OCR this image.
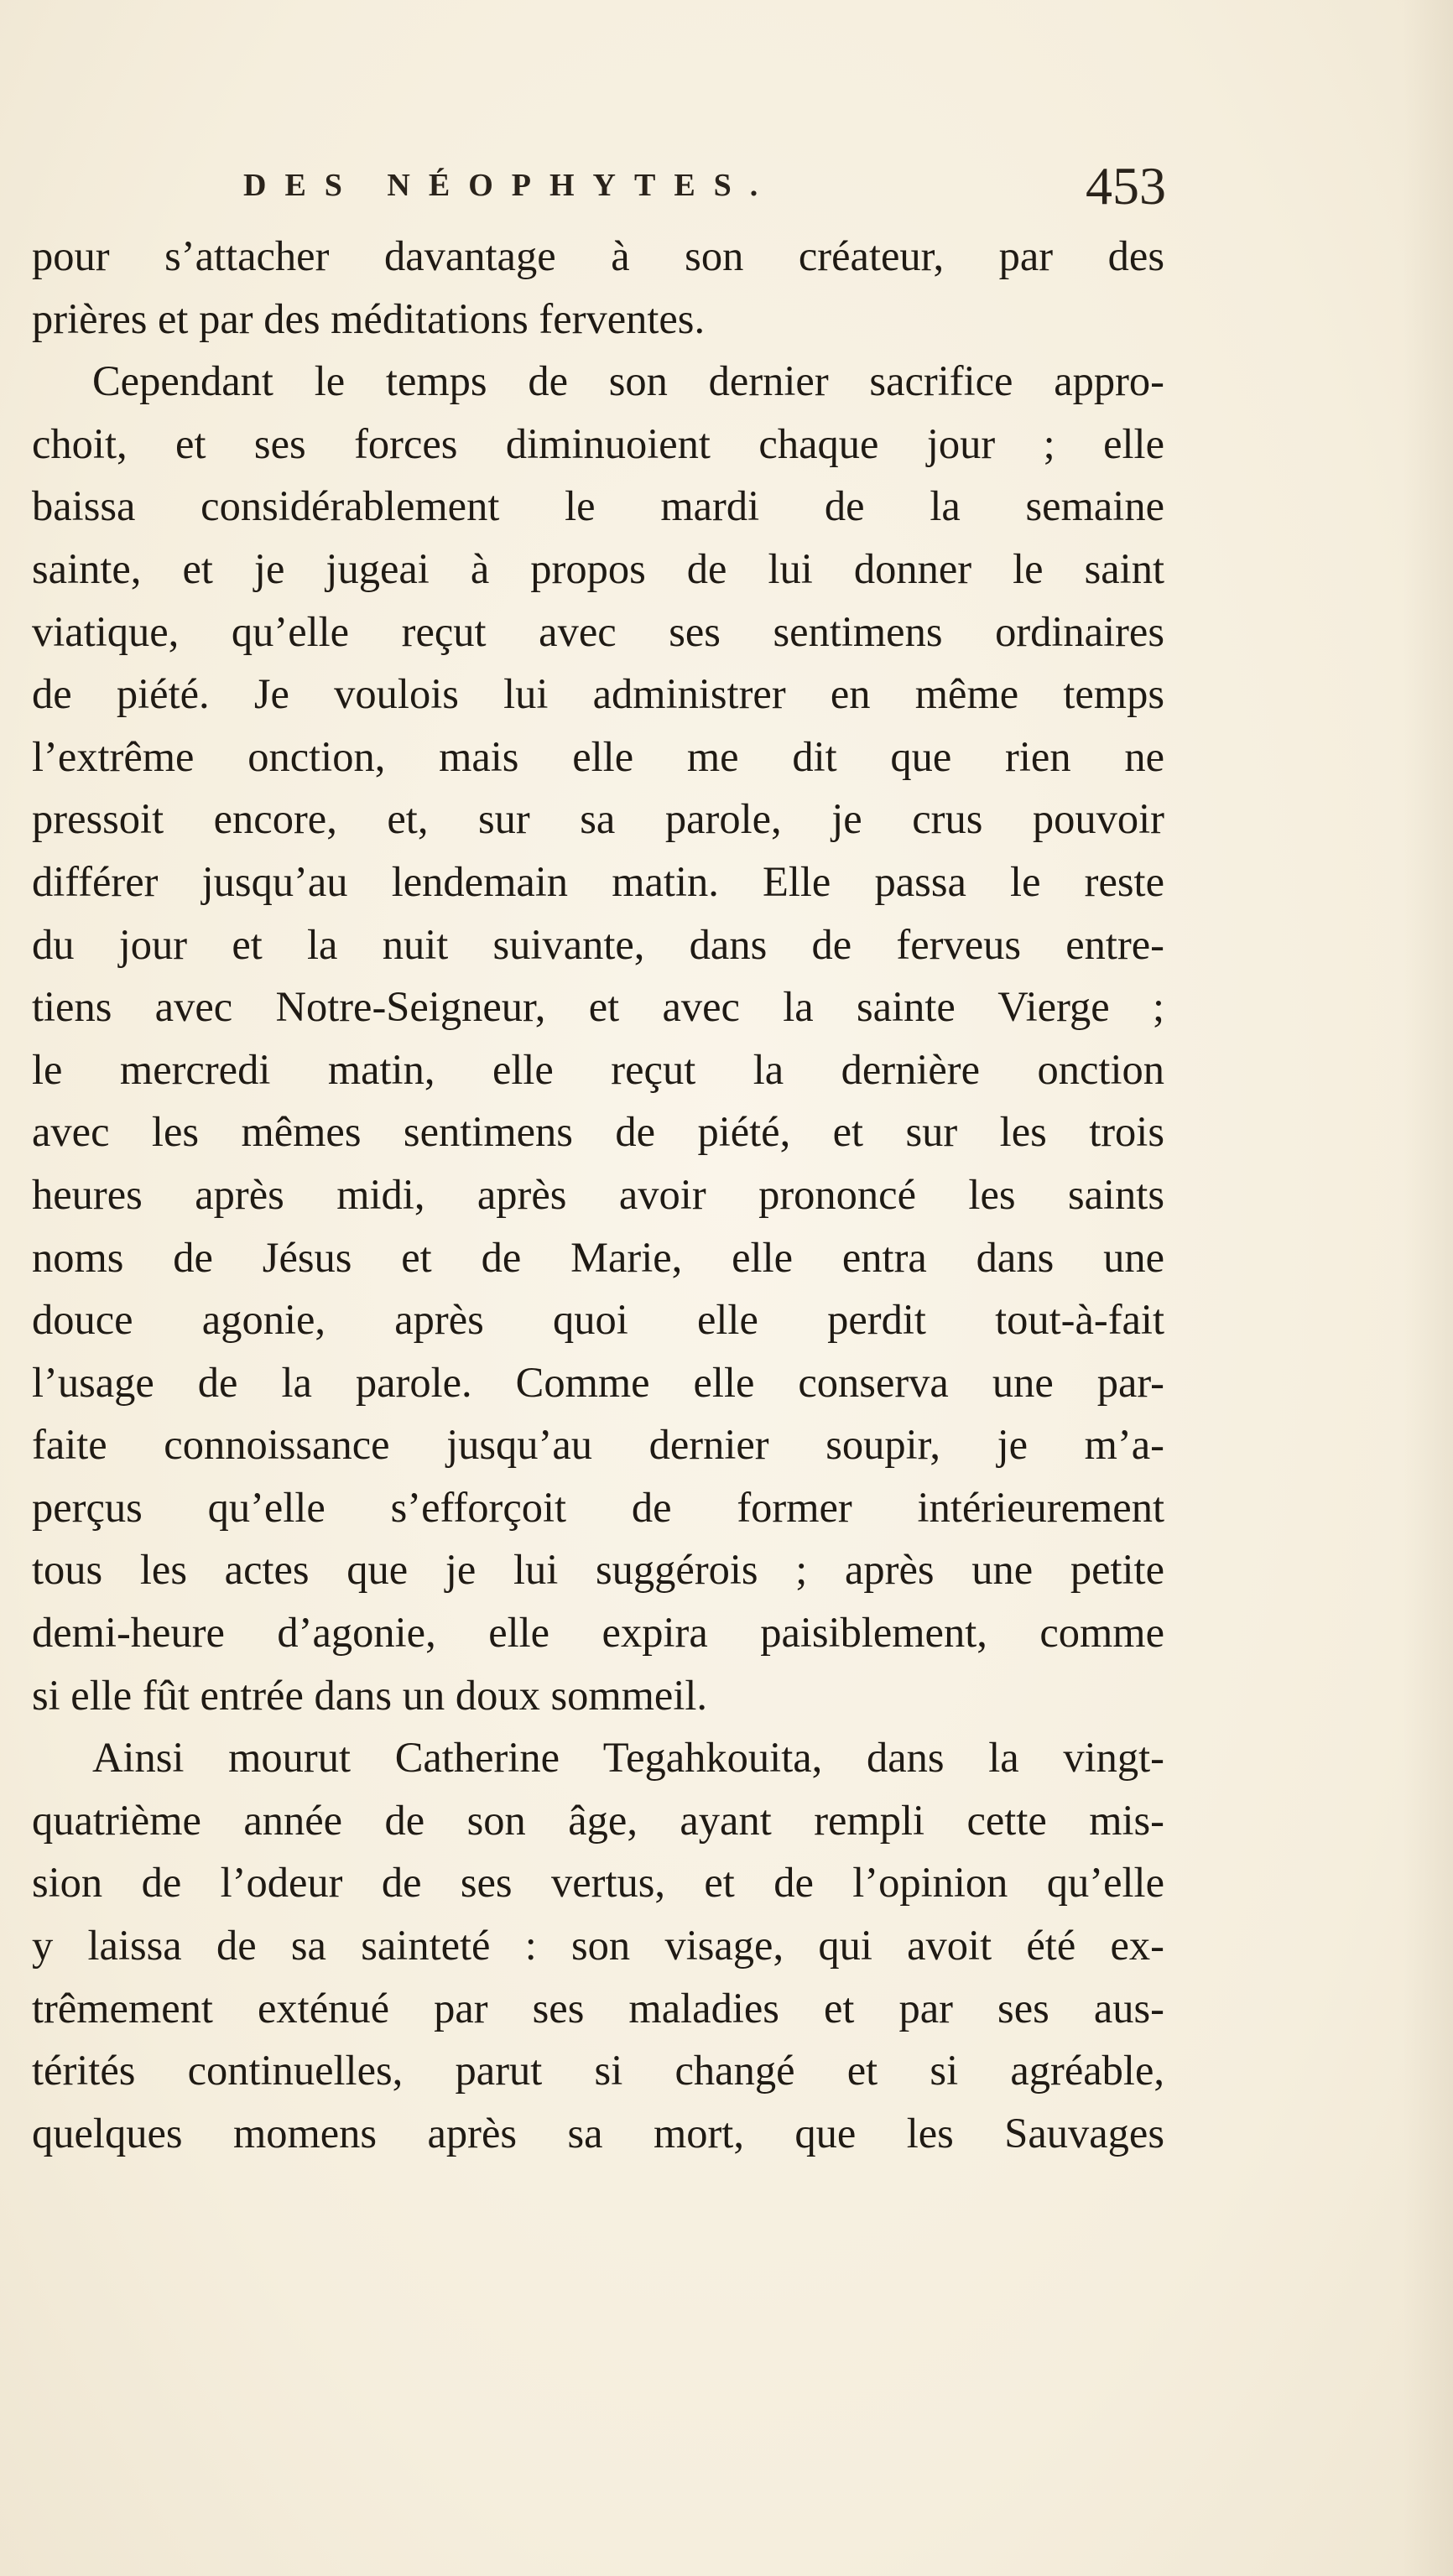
DES NÉOPHYTES.	453
pour s’attacher davantage à son créateur, par des
prières et par des méditations ferventes.
Cependant le temps de son dernier sacrifice appro-
choit, et ses forces diminuoient chaque jour ; elle
baissa considérablement le mardi de la semaine
sainte, et je jugeai à propos de lui donner le saint
viatique, qu’elle reçut avec ses sentimens ordinaires
de piété. Je voulois lui administrer en même temps
l’extrême onction, mais elle me dit que rien ne
pressoit encore, et, sur sa parole, je crus pouvoir
différer jusqu’au lendemain matin. Elle passa le reste
du jour et la nuit suivante, dans de ferveus entre-
tiens avec Notre-Seigneur, et avec la sainte Vierge ;
le mercredi matin, elle reçut la dernière onction
avec les mêmes sentimens de piété, et sur les trois
heures après midi, après avoir prononcé les saints
noms de Jésus et de Marie, elle entra dans une
douce agonie, après quoi elle perdit tout-à-fait
l’usage de la parole. Comme elle conserva une par-
faite connoissance jusqu’au dernier soupir, je m’a-
perçus qu’elle s’efforçoit de former intérieurement
tous les actes que je lui suggérois ; après une petite
demi-heure d’agonie, elle expira paisiblement, comme
si elle fût entrée dans un doux sommeil.
Ainsi mourut Catherine Tegahkouita, dans la vingt-
quatrième année de son âge, ayant rempli cette mis-
sion de l’odeur de ses vertus, et de l’opinion qu’elle
y laissa de sa sainteté : son visage, qui avoit été ex-
trêmement exténué par ses maladies et par ses aus-
térités continuelles, parut si changé et si agréable,
quelques momens après sa mort, que les Sauvages
